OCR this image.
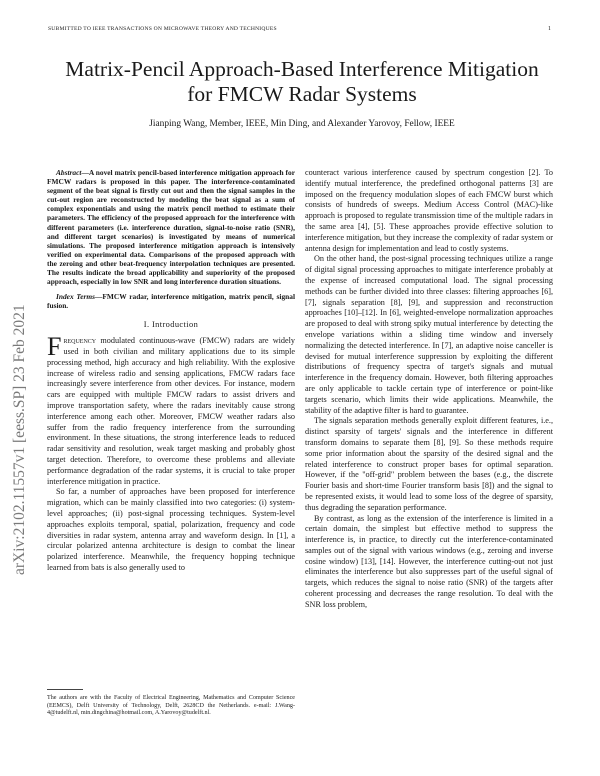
SUBMITTED TO IEEE TRANSACTIONS ON MICROWAVE THEORY AND TECHNIQUES	1
arXiv:2102.11557v1 [eess.SP] 23 Feb 2021
Matrix-Pencil Approach-Based Interference Mitigation for FMCW Radar Systems
Jianping Wang, Member, IEEE, Min Ding, and Alexander Yarovoy, Fellow, IEEE

Abstract—A novel matrix pencil-based interference mitigation approach for FMCW radars is proposed in this paper. The interference-contaminated segment of the beat signal is firstly cut out and then the signal samples in the cut-out region are reconstructed by modeling the beat signal as a sum of complex exponentials and using the matrix pencil method to estimate their parameters. The efficiency of the proposed approach for the interference with different parameters (i.e. interference duration, signal-to-noise ratio (SNR), and different target scenarios) is investigated by means of numerical simulations. The proposed interference mitigation approach is intensively verified on experimental data. Comparisons of the proposed approach with the zeroing and other beat-frequency interpolation techniques are presented. The results indicate the broad applicability and superiority of the proposed approach, especially in low SNR and long interference duration situations.

Index Terms—FMCW radar, interference mitigation, matrix pencil, signal fusion.

I. Introduction

Frequency modulated continuous-wave (FMCW) radars are widely used in both civilian and military applications due to its simple processing method, high accuracy and high reliability. With the explosive increase of wireless radio and sensing applications, FMCW radars face increasingly severe interference from other devices. For instance, modern cars are equipped with multiple FMCW radars to assist drivers and improve transportation safety, where the radars inevitably cause strong interference among each other. Moreover, FMCW weather radars also suffer from the radio frequency interference from the surrounding environment. In these situations, the strong interference leads to reduced radar sensitivity and resolution, weak target masking and probably ghost target detection. Therefore, to overcome these problems and alleviate performance degradation of the radar systems, it is crucial to take proper interference mitigation in practice.

So far, a number of approaches have been proposed for interference migration, which can be mainly classified into two categories: (i) system-level approaches; (ii) post-signal processing techniques. System-level approaches exploits temporal, spatial, polarization, frequency and code diversities in radar system, antenna array and waveform design. In [1], a circular polarized antenna architecture is design to combat the linear polarized interference. Meanwhile, the frequency hopping technique learned from bats is also generally used to

The authors are with the Faculty of Electrical Engineering, Mathematics and Computer Science (EEMCS), Delft University of Technology, Delft, 2628CD the Netherlands. e-mail: J.Wang-4@tudelft.nl, min.dingchina@hotmail.com, A.Yarovoy@tudelft.nl.

counteract various interference caused by spectrum congestion [2]. To identify mutual interference, the predefined orthogonal patterns [3] are imposed on the frequency modulation slopes of each FMCW burst which consists of hundreds of sweeps. Medium Access Control (MAC)-like approach is proposed to regulate transmission time of the multiple radars in the same area [4], [5]. These approaches provide effective solution to interference mitigation, but they increase the complexity of radar system or antenna design for implementation and lead to costly systems.

On the other hand, the post-signal processing techniques utilize a range of digital signal processing approaches to mitigate interference probably at the expense of increased computational load. The signal processing methods can be further divided into three classes: filtering approaches [6], [7], signals separation [8], [9], and suppression and reconstruction approaches [10]–[12]. In [6], weighted-envelope normalization approaches are proposed to deal with strong spiky mutual interference by detecting the envelope variations within a sliding time window and inversely normalizing the detected interference. In [7], an adaptive noise canceller is devised for mutual interference suppression by exploiting the different distributions of frequency spectra of target's signals and mutual interference in the frequency domain. However, both filtering approaches are only applicable to tackle certain type of interference or point-like targets scenario, which limits their wide applications. Meanwhile, the stability of the adaptive filter is hard to guarantee.

The signals separation methods generally exploit different features, i.e., distinct sparsity of targets' signals and the interference in different transform domains to separate them [8], [9]. So these methods require some prior information about the sparsity of the desired signal and the related interference to construct proper bases for optimal separation. However, if the "off-grid" problem between the bases (e.g., the discrete Fourier basis and short-time Fourier transform basis [8]) and the signal to be represented exists, it would lead to some loss of the degree of sparsity, thus degrading the separation performance.

By contrast, as long as the extension of the interference is limited in a certain domain, the simplest but effective method to suppress the interference is, in practice, to directly cut the interference-contaminated samples out of the signal with various windows (e.g., zeroing and inverse cosine window) [13], [14]. However, the interference cutting-out not just eliminates the interference but also suppresses part of the useful signal of targets, which reduces the signal to noise ratio (SNR) of the targets after coherent processing and decreases the range resolution. To deal with the SNR loss problem,
